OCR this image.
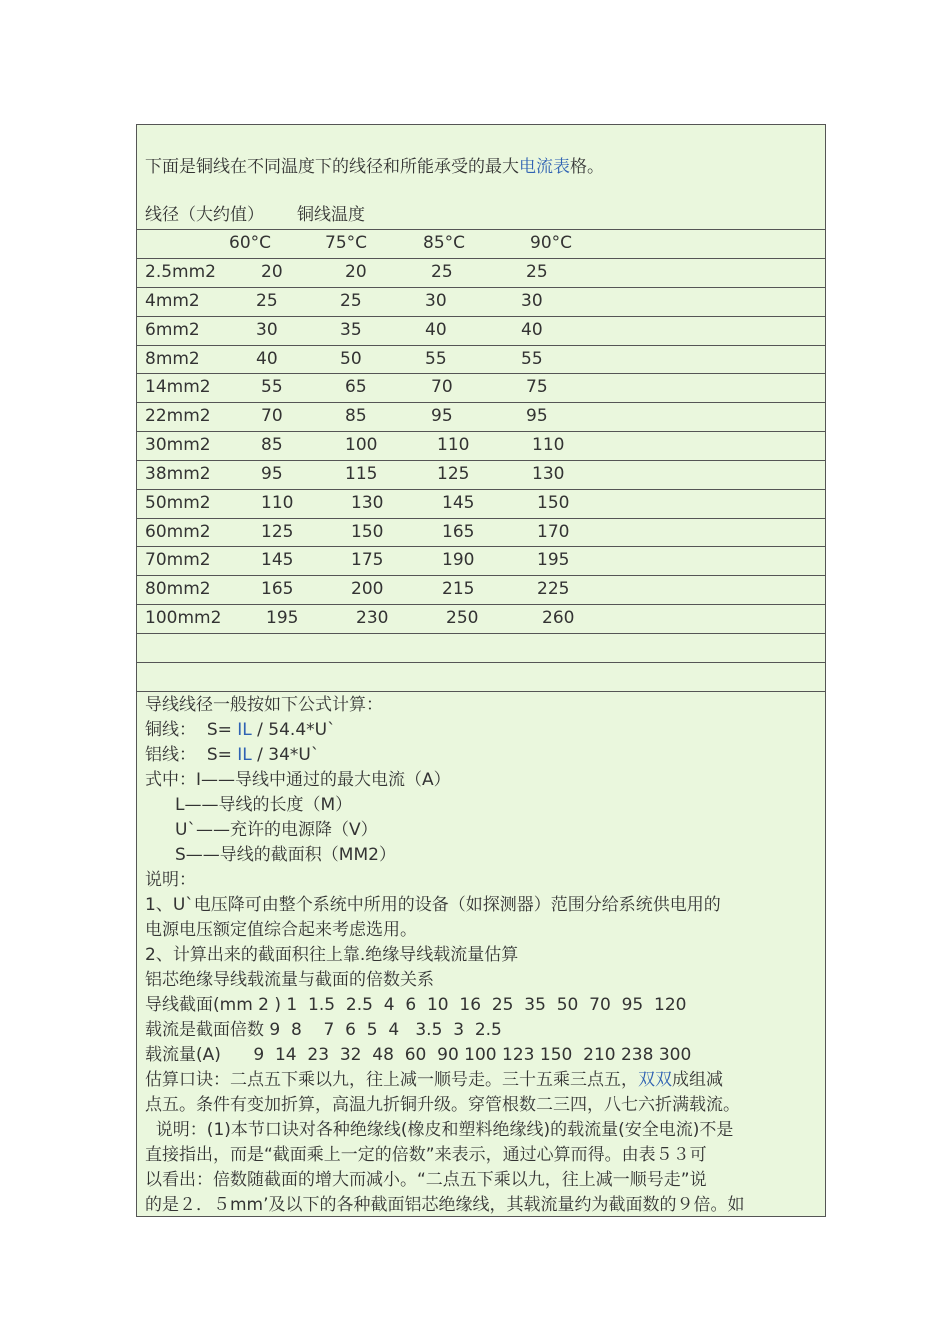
下面是铜线在不同温度下的线径和所能承受的最大电流表格。
线径（大约值） 铜线温度
60°C	75°C	85°C	90°C
2.5mm2	20	20	25	25
4mm2	25	25	30	30
6mm2	30	35	40	40
8mm2	40	50	55	55
14mm2	55	65	70	75
22mm2	70	85	95	95
30mm2	85	100	110	110
38mm2	95	115	125	130
50mm2	110	130	145	150
60mm2	125	150	165	170
70mm2	145	175	190	195
80mm2	165	200	215	225
100mm2	195	230	250	260
导线线径一般按如下公式计算：
铜线： S= IL / 54.4*U`
铝线： S= IL / 34*U`
式中：I——导线中通过的最大电流（A）
L——导线的长度（M）
U`——充许的电源降（V）
S——导线的截面积（MM2）
说明：
1、U`电压降可由整个系统中所用的设备（如探测器）范围分给系统供电用的
电源电压额定值综合起来考虑选用。
2、计算出来的截面积往上靠.绝缘导线载流量估算
铝芯绝缘导线载流量与截面的倍数关系
导线截面(mm 2 ) 1  1.5  2.5  4  6  10  16  25  35  50  70  95  120
载流是截面倍数 9  8    7  6  5  4   3.5  3  2.5
载流量(A)      9  14  23  32  48  60  90 100 123 150  210 238 300
估算口诀：二点五下乘以九，往上减一顺号走。三十五乘三点五，双双成组减
点五。条件有变加折算，高温九折铜升级。穿管根数二三四，八七六折满载流。
说明：(1)本节口诀对各种绝缘线(橡皮和塑料绝缘线)的载流量(安全电流)不是
直接指出，而是“截面乘上一定的倍数”来表示，通过心算而得。由表５３可
以看出：倍数随截面的增大而减小。“二点五下乘以九，往上减一顺号走”说
的是２．５mm’及以下的各种截面铝芯绝缘线，其载流量约为截面数的９倍。如
